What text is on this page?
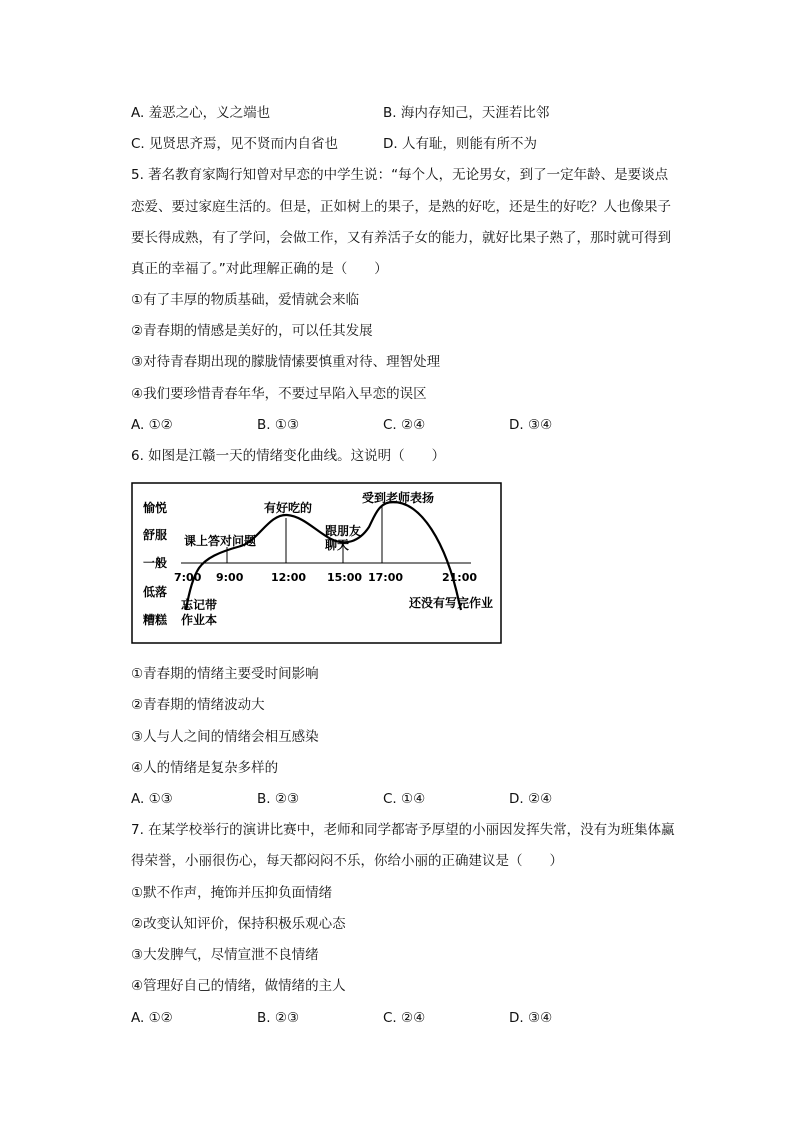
A. 羞恶之心，义之端也	B. 海内存知己，天涯若比邻
C. 见贤思齐焉，见不贤而内自省也	D. 人有耻，则能有所不为
5. 著名教育家陶行知曾对早恋的中学生说：“每个人，无论男女，到了一定年龄、是要谈点
恋爱、要过家庭生活的。但是，正如树上的果子，是熟的好吃，还是生的好吃？人也像果子
要长得成熟，有了学问，会做工作，又有养活子女的能力，就好比果子熟了，那时就可得到
真正的幸福了。”对此理解正确的是（　　）
①有了丰厚的物质基础，爱情就会来临
②青春期的情感是美好的，可以任其发展
③对待青春期出现的朦胧情愫要慎重对待、理智处理
④我们要珍惜青春年华，不要过早陷入早恋的误区
A. ①②	B. ①③	C. ②④	D. ③④
6. 如图是江赣一天的情绪变化曲线。这说明（　　）
愉悦
舒服
一般
低落
糟糕
7:00 9:00	12:00 15:00 17:00	21:00
课上答对问题
有好吃的
跟朋友聊天
受到老师表扬
还没有写完作业
忘记带作业本
①青春期的情绪主要受时间影响
②青春期的情绪波动大
③人与人之间的情绪会相互感染
④人的情绪是复杂多样的
A. ①③	B. ②③	C. ①④	D. ②④
7. 在某学校举行的演讲比赛中，老师和同学都寄予厚望的小丽因发挥失常，没有为班集体赢
得荣誉，小丽很伤心，每天都闷闷不乐，你给小丽的正确建议是（　　）
①默不作声，掩饰并压抑负面情绪
②改变认知评价，保持积极乐观心态
③大发脾气，尽情宣泄不良情绪
④管理好自己的情绪，做情绪的主人
A. ①②	B. ②③	C. ②④	D. ③④
